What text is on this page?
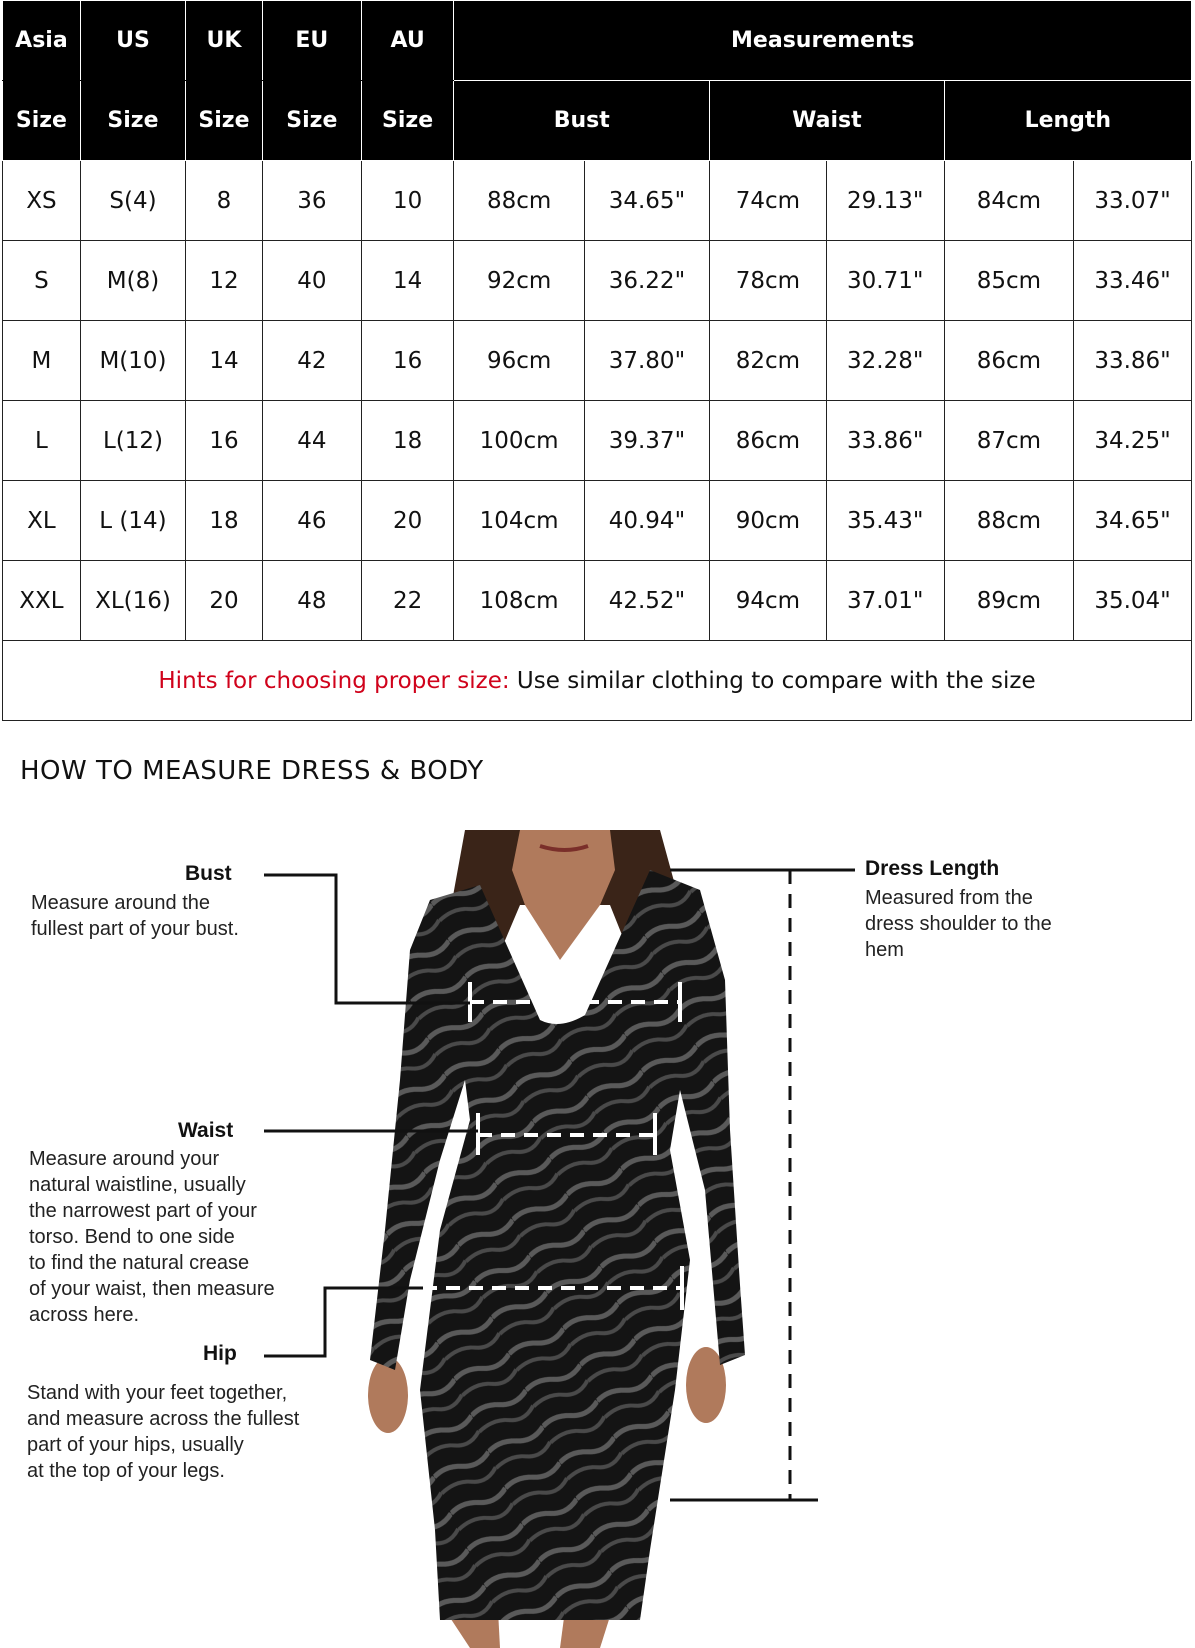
Asia	US	UK	EU	AU	Measurements					
Size	Size	Size	Size	Size	Bust		Waist		Length	
XS	S(4)	8	36	10	88cm	34.65"	74cm	29.13"	84cm	33.07"
S	M(8)	12	40	14	92cm	36.22"	78cm	30.71"	85cm	33.46"
M	M(10)	14	42	16	96cm	37.80"	82cm	32.28"	86cm	33.86"
L	L(12)	16	44	18	100cm	39.37"	86cm	33.86"	87cm	34.25"
XL	L (14)	18	46	20	104cm	40.94"	90cm	35.43"	88cm	34.65"
XXL	XL(16)	20	48	22	108cm	42.52"	94cm	37.01"	89cm	35.04"
Hints for choosing proper size: Use similar clothing to compare with the size										
HOW TO MEASURE DRESS & BODY
Bust
Measure around the
fullest part of your bust.
Waist
Measure around your
natural waistline, usually
the narrowest part of your
torso. Bend to one side
to find the natural crease
of your waist, then measure
across here.
Hip
Stand with your feet together,
and measure across the fullest
part of your hips, usually
at the top of your legs.
Dress Length
Measured from the
dress shoulder to the
hem
